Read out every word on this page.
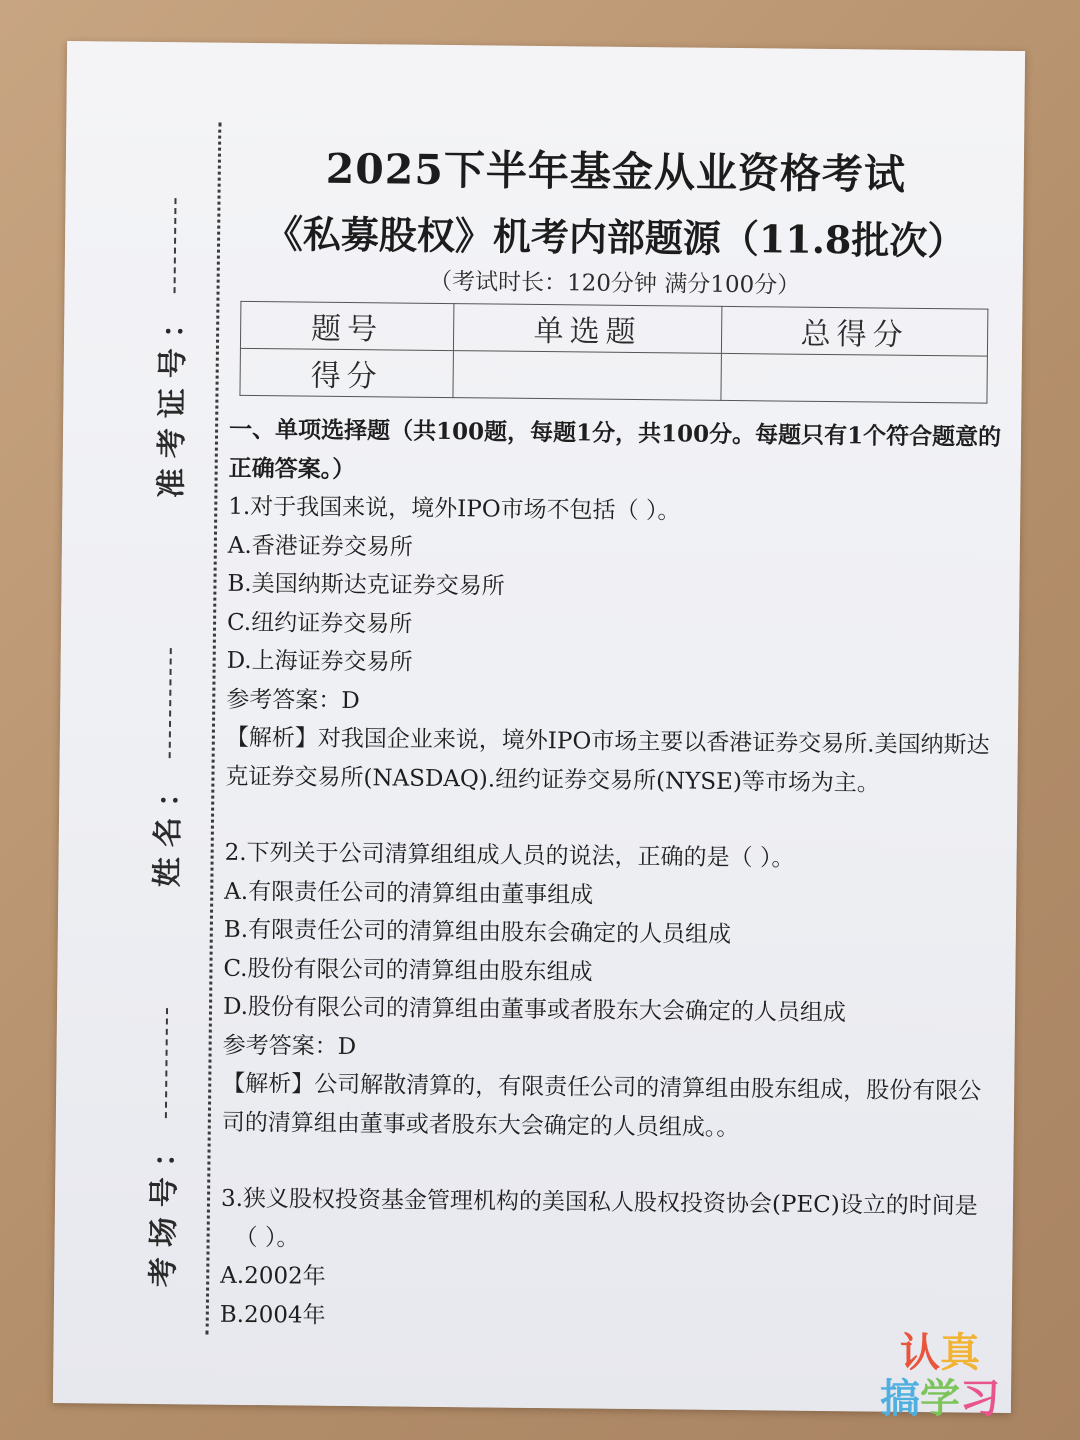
：
号
证
考
准
：
名
姓
：
号
场
考
2025下半年基金从业资格考试
《私募股权》机考内部题源（11.8批次）
（考试时长：120分钟 满分100分）
题号	单选题	总得分
得分		

一、单项选择题（共100题，每题1分，共100分。每题只有1个符合题意的

正确答案。）

1.对于我国来说，境外IPO市场不包括（ ）。

A.香港证券交易所

B.美国纳斯达克证券交易所

C.纽约证券交易所

D.上海证券交易所

参考答案：D

【解析】对我国企业来说，境外IPO市场主要以香港证券交易所.美国纳斯达

克证券交易所(NASDAQ).纽约证券交易所(NYSE)等市场为主。

2.下列关于公司清算组组成人员的说法，正确的是（ ）。

A.有限责任公司的清算组由董事组成

B.有限责任公司的清算组由股东会确定的人员组成

C.股份有限公司的清算组由股东组成

D.股份有限公司的清算组由董事或者股东大会确定的人员组成

参考答案：D

【解析】公司解散清算的，有限责任公司的清算组由股东组成，股份有限公

司的清算组由董事或者股东大会确定的人员组成。。

3.狭义股权投资基金管理机构的美国私人股权投资协会(PEC)设立的时间是

（ ）。

A.2002年

B.2004年

认真
搞学习
